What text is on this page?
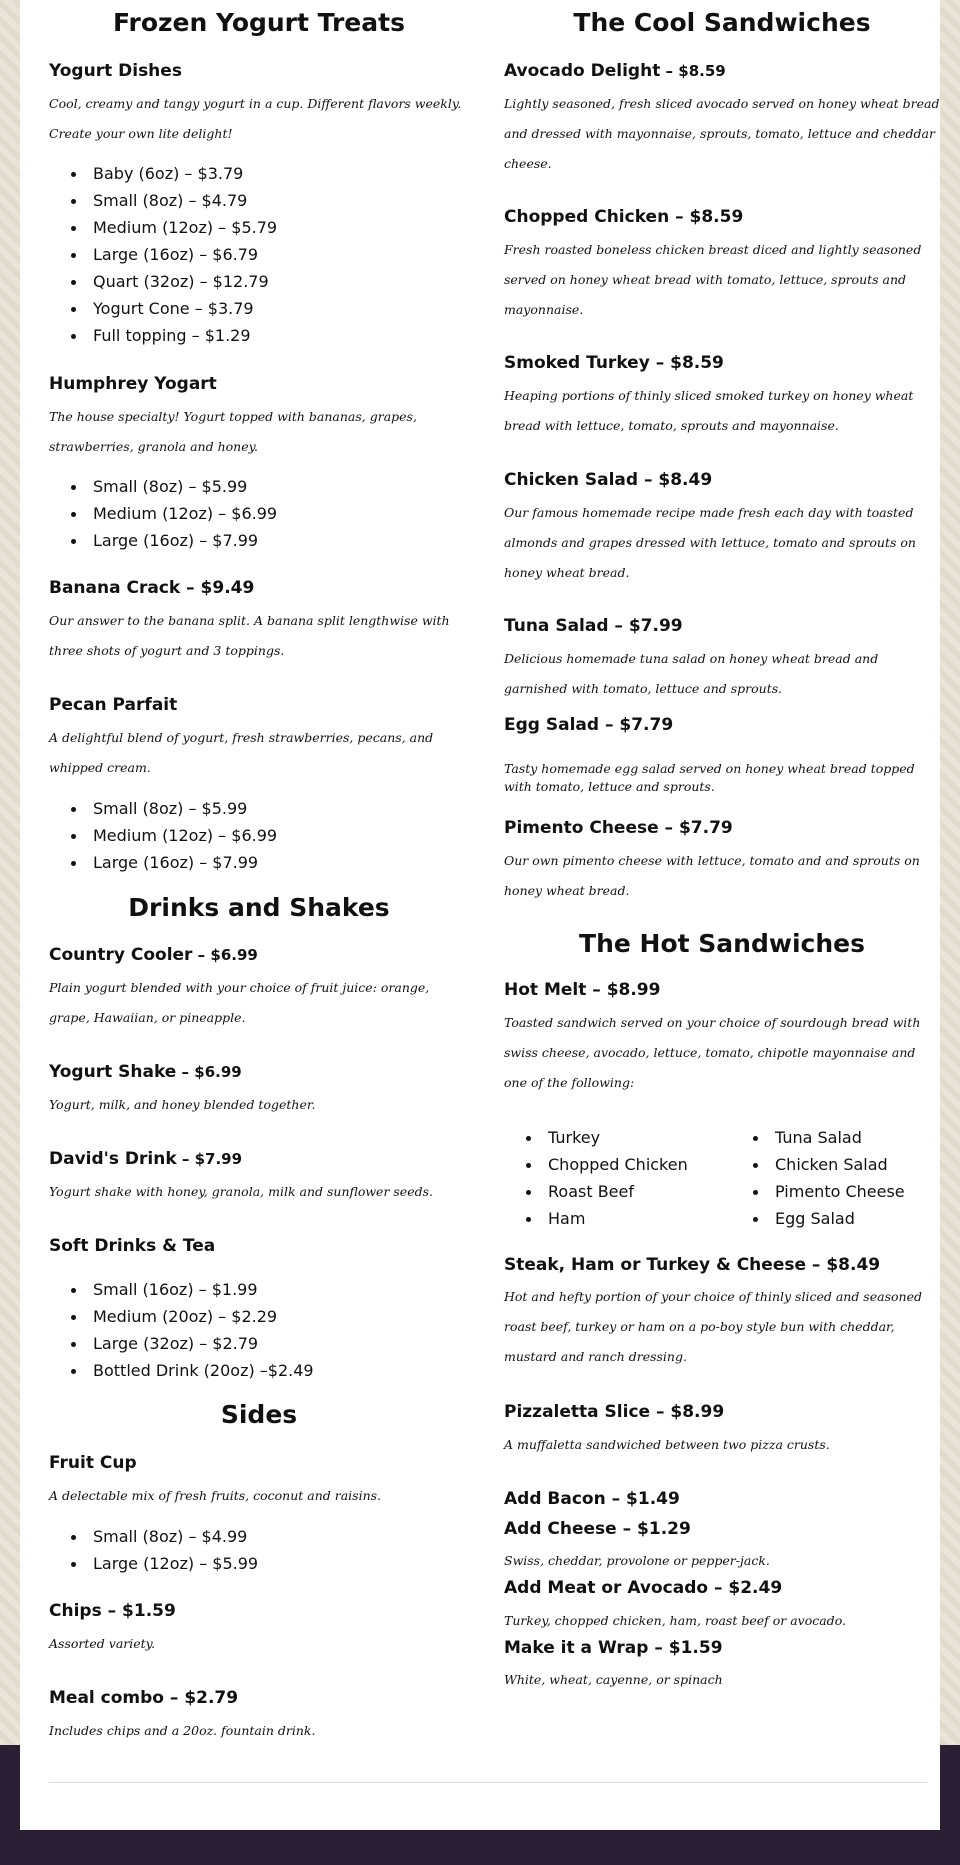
Frozen Yogurt Treats
Yogurt Dishes
Cool, creamy and tangy yogurt in a cup. Different flavors weekly. Create your own lite delight!
Baby (6oz) – $3.79
Small (8oz) – $4.79
Medium (12oz) – $5.79
Large (16oz) – $6.79
Quart (32oz) – $12.79
Yogurt Cone – $3.79
Full topping – $1.29
Humphrey Yogart
The house specialty! Yogurt topped with bananas, grapes, strawberries, granola and honey.
Small (8oz) – $5.99
Medium (12oz) – $6.99
Large (16oz) – $7.99
Banana Crack – $9.49
Our answer to the banana split. A banana split lengthwise with three shots of yogurt and 3 toppings.
Pecan Parfait
A delightful blend of yogurt, fresh strawberries, pecans, and whipped cream.
Small (8oz) – $5.99
Medium (12oz) – $6.99
Large (16oz) – $7.99
Drinks and Shakes
Country Cooler – $6.99
Plain yogurt blended with your choice of fruit juice: orange, grape, Hawaiian, or pineapple.
Yogurt Shake – $6.99
Yogurt, milk, and honey blended together.
David's Drink – $7.99
Yogurt shake with honey, granola, milk and sunflower seeds.
Soft Drinks & Tea
Small (16oz) – $1.99
Medium (20oz) – $2.29
Large (32oz) – $2.79
Bottled Drink (20oz) –$2.49
Sides
Fruit Cup
A delectable mix of fresh fruits, coconut and raisins.
Small (8oz) – $4.99
Large (12oz) – $5.99
Chips – $1.59
Assorted variety.
Meal combo – $2.79
Includes chips and a 20oz. fountain drink.
The Cool Sandwiches
Avocado Delight – $8.59
Lightly seasoned, fresh sliced avocado served on honey wheat bread and dressed with mayonnaise, sprouts, tomato, lettuce and cheddar cheese.
Chopped Chicken – $8.59
Fresh roasted boneless chicken breast diced and lightly seasoned served on honey wheat bread with tomato, lettuce, sprouts and mayonnaise.
Smoked Turkey – $8.59
Heaping portions of thinly sliced smoked turkey on honey wheat bread with lettuce, tomato, sprouts and mayonnaise.
Chicken Salad – $8.49
Our famous homemade recipe made fresh each day with toasted almonds and grapes dressed with lettuce, tomato and sprouts on honey wheat bread.
Tuna Salad – $7.99
Delicious homemade tuna salad on honey wheat bread and garnished with tomato, lettuce and sprouts.
Egg Salad – $7.79
Tasty homemade egg salad served on honey wheat bread topped with tomato, lettuce and sprouts.
Pimento Cheese – $7.79
Our own pimento cheese with lettuce, tomato and and sprouts on honey wheat bread.
The Hot Sandwiches
Hot Melt – $8.99
Toasted sandwich served on your choice of sourdough bread with swiss cheese, avocado, lettuce, tomato, chipotle mayonnaise and one of the following:
Turkey
Chopped Chicken
Roast Beef
Ham
Tuna Salad
Chicken Salad
Pimento Cheese
Egg Salad
Steak, Ham or Turkey & Cheese – $8.49
Hot and hefty portion of your choice of thinly sliced and seasoned roast beef, turkey or ham on a po-boy style bun with cheddar, mustard and ranch dressing.
Pizzaletta Slice – $8.99
A muffaletta sandwiched between two pizza crusts.
Add Bacon – $1.49
Add Cheese – $1.29
Swiss, cheddar, provolone or pepper-jack.
Add Meat or Avocado – $2.49
Turkey, chopped chicken, ham, roast beef or avocado.
Make it a Wrap – $1.59
White, wheat, cayenne, or spinach
